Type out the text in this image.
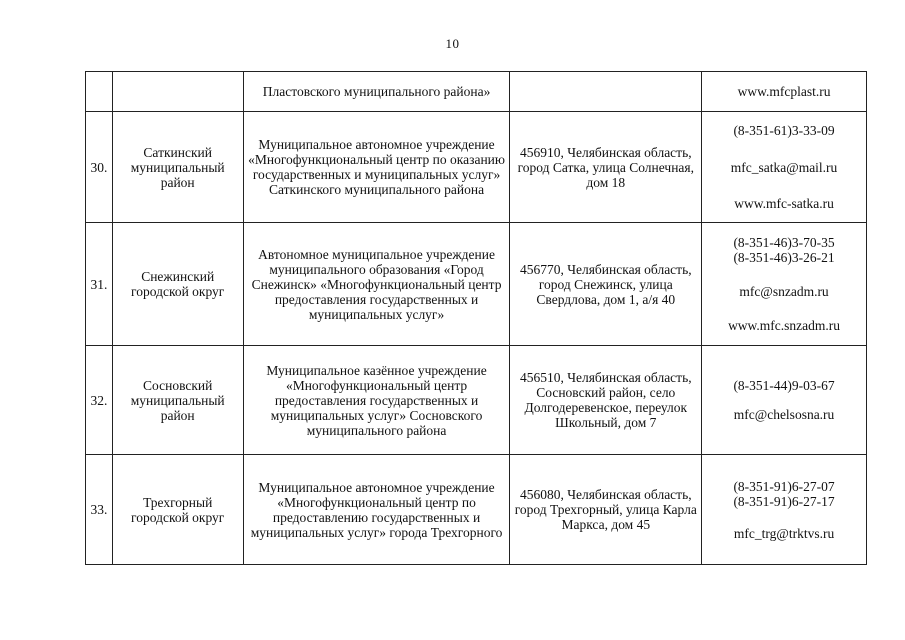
10
		Пластовского муниципального района»		www.mfcplast.ru
30.	Саткинский муниципальный район	Муниципальное автономное учреждение «Многофункциональный центр по оказанию государственных и муниципальных услуг» Саткинского муниципального района	456910, Челябинская область, город Сатка, улица Солнечная, дом 18	(8-351-61)3-33-09
mfc_satka@mail.ru
www.mfc-satka.ru

31.	Снежинский городской округ	Автономное муниципальное учреждение муниципального образования «Город Снежинск» «Многофункциональный центр предоставления государственных и муниципальных услуг»	456770, Челябинская область, город Снежинск, улица Свердлова, дом 1, а/я 40	(8-351-46)3-70-35
(8-351-46)3-26-21
mfc@snzadm.ru
www.mfc.snzadm.ru

32.	Сосновский муниципальный район	Муниципальное казённое учреждение «Многофункциональный центр предоставления государственных и муниципальных услуг» Сосновского муниципального района	456510, Челябинская область, Сосновский район, село Долгодеревенское, переулок Школьный, дом 7	(8-351-44)9-03-67
mfc@chelsosna.ru

33.	Трехгорный городской округ	Муниципальное автономное учреждение «Многофункциональный центр по предоставлению государственных и муниципальных услуг» города Трехгорного	456080, Челябинская область, город Трехгорный, улица Карла Маркса, дом 45	(8-351-91)6-27-07
(8-351-91)6-27-17
mfc_trg@trktvs.ru
